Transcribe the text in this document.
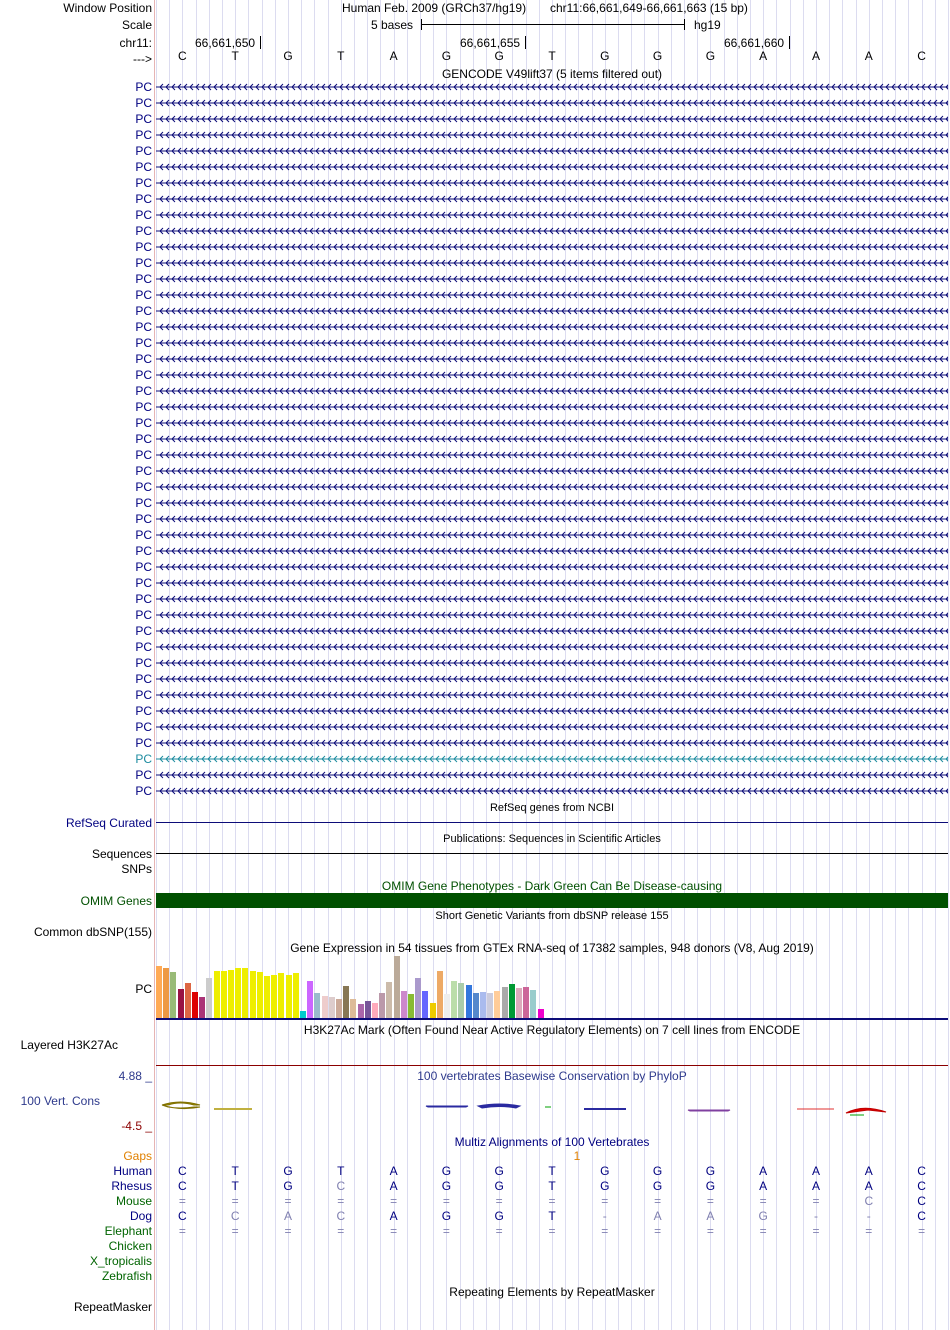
Window Position
Scale
chr11:
--->
Human Feb. 2009 (GRCh37/hg19) chr11:66,661,649-66,661,663 (15 bp)
5 bases	hg19
66,661,650	66,661,655	66,661,660
C	T	G	T	A	G	G	T	G	G	G	A	A	A	C
GENCODE V49lift37 (5 items filtered out)
PC
PC
PC
PC
PC
PC
PC
PC
PC
PC
PC
PC
PC
PC
PC
PC
PC
PC
PC
PC
PC
PC
PC
PC
PC
PC
PC
PC
PC
PC
PC
PC
PC
PC
PC
PC
PC
PC
PC
PC
PC
PC
PC
PC
PC
RefSeq genes from NCBI
RefSeq Curated
Publications: Sequences in Scientific Articles
Sequences
SNPs
OMIM Gene Phenotypes - Dark Green Can Be Disease-causing
OMIM Genes
Short Genetic Variants from dbSNP release 155
Common dbSNP(155)
Gene Expression in 54 tissues from GTEx RNA-seq of 17382 samples, 948 donors (V8, Aug 2019)
PC
H3K27Ac Mark (Often Found Near Active Regulatory Elements) on 7 cell lines from ENCODE
Layered H3K27Ac
4.88 _	100 vertebrates Basewise Conservation by PhyloP
100 Vert. Cons
-4.5 _
Multiz Alignments of 100 Vertebrates
Gaps	1
Human C	T	G	T	A	G	G	T	G	G	G	A	A	A	C
Rhesus C	T	G	C	A	G	G	T	G	G	G	A	A	A	C
Mouse =	=	=	=	=	=	=	=	=	=	=	=	=	C	C
Dog C	C	A	C	A	G	G	T	-	A	A	G	-	-	C
Elephant =	=	=	=	=	=	=	=	=	=	=	=	=	=	=
Chicken
X_tropicalis
Zebrafish
Repeating Elements by RepeatMasker
RepeatMasker
